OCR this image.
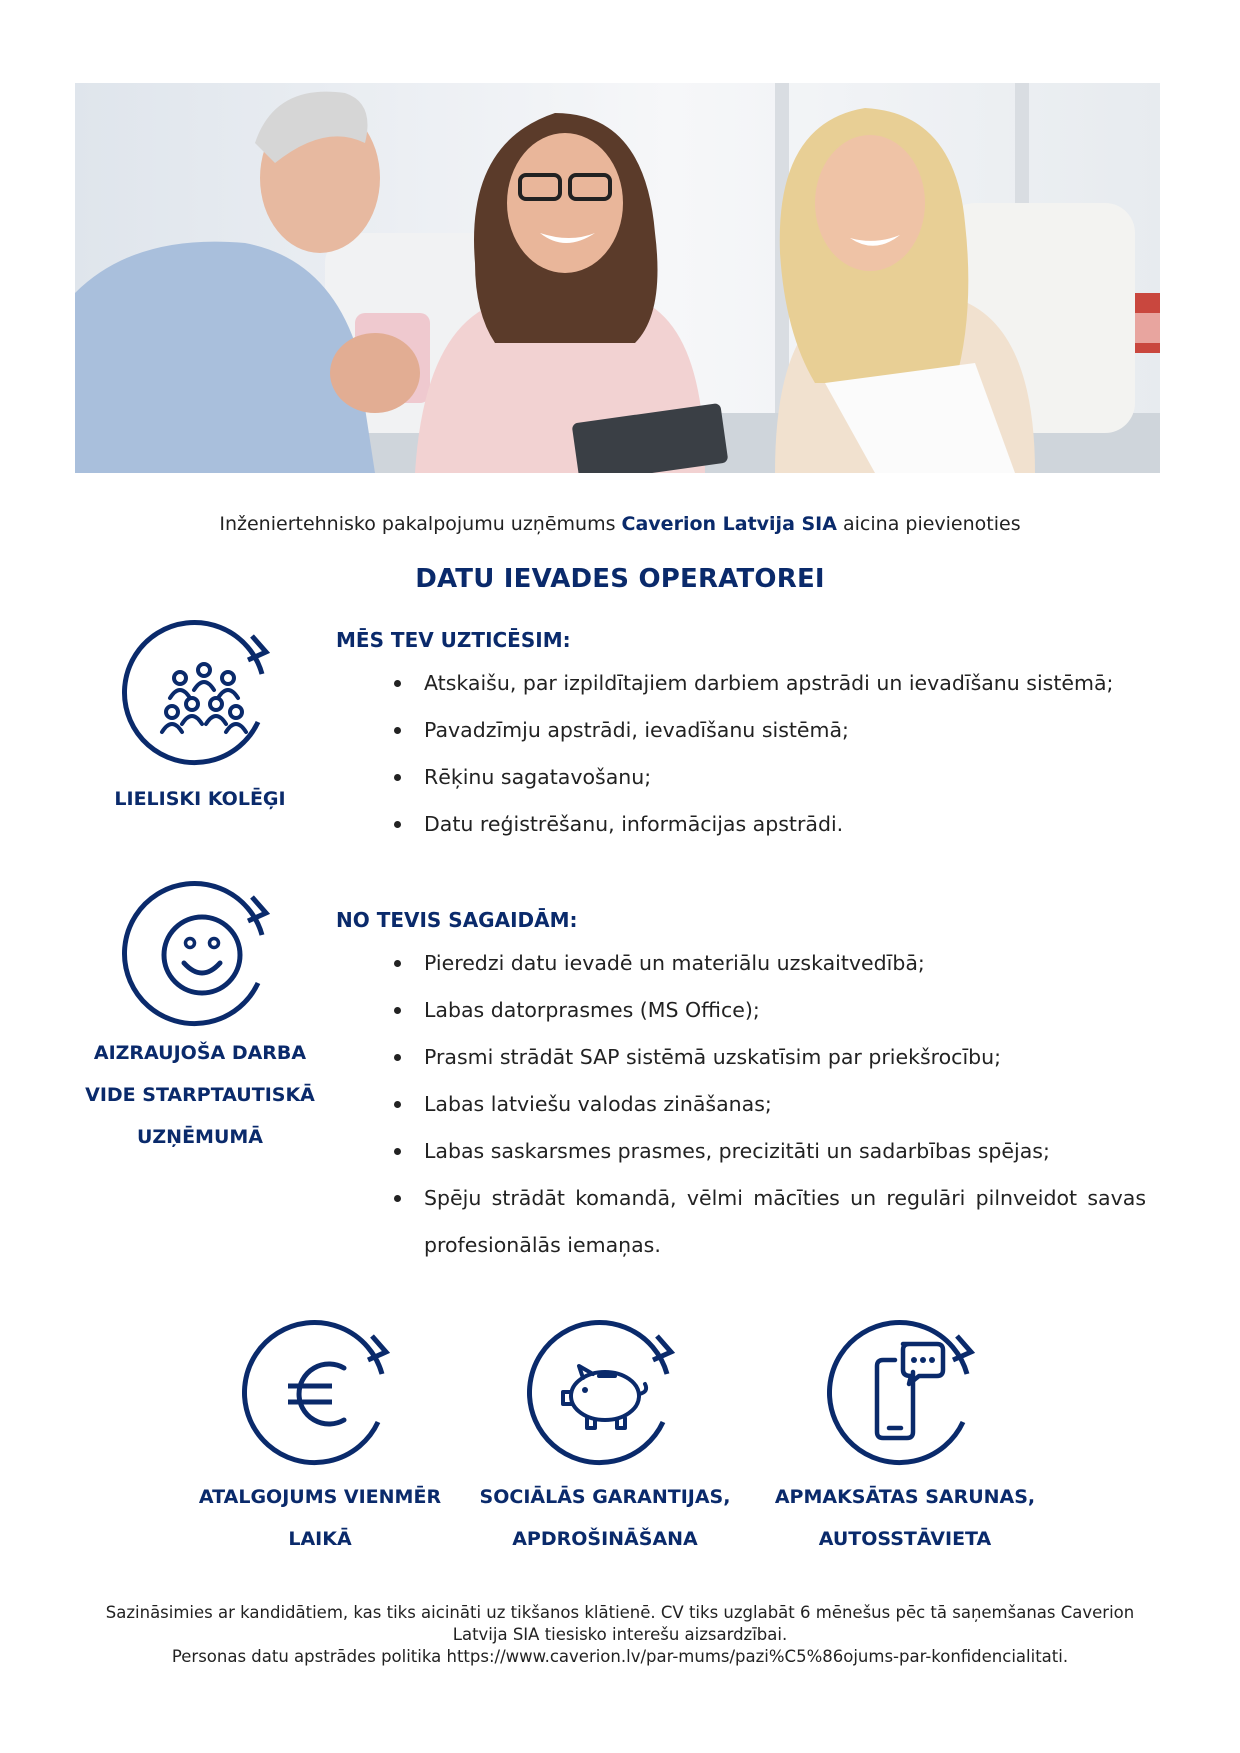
Inženiertehnisko pakalpojumu uzņēmums Caverion Latvija SIA aicina pievienoties
DATU IEVADES OPERATOREI
LIELISKI KOLĒĢI
MĒS TEV UZTICĒSIM:
Atskaišu, par izpildītajiem darbiem apstrādi un ievadīšanu sistēmā;
Pavadzīmju apstrādi, ievadīšanu sistēmā;
Rēķinu sagatavošanu;
Datu reģistrēšanu, informācijas apstrādi.
AIZRAUJOŠA DARBA
VIDE STARPTAUTISKĀ
UZŅĒMUMĀ
NO TEVIS SAGAIDĀM:
Pieredzi datu ievadē un materiālu uzskaitvedībā;
Labas datorprasmes (MS Office);
Prasmi strādāt SAP sistēmā uzskatīsim par priekšrocību;
Labas latviešu valodas zināšanas;
Labas saskarsmes prasmes, precizitāti un sadarbības spējas;
Spēju strādāt komandā, vēlmi mācīties un regulāri pilnveidot savas profesionālās iemaņas.
ATALGOJUMS VIENMĒR
LAIKĀ
SOCIĀLĀS GARANTIJAS,
APDROŠINĀŠANA
APMAKSĀTAS SARUNAS,
AUTOSSTĀVIETA
Sazināsimies ar kandidātiem, kas tiks aicināti uz tikšanos klātienē. CV tiks uzglabāt 6 mēnešus pēc tā saņemšanas Caverion
Latvija SIA tiesisko interešu aizsardzībai.
Personas datu apstrādes politika https://www.caverion.lv/par-mums/pazi%C5%86ojums-par-konfidencialitati.
